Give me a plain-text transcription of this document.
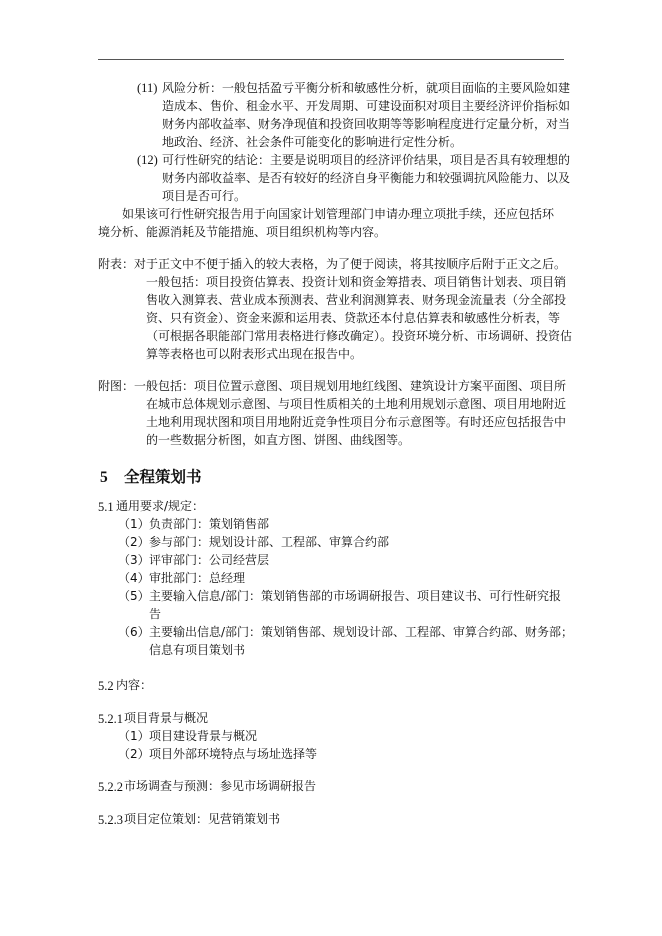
(11) 风险分析：一般包括盈亏平衡分析和敏感性分析，就项目面临的主要风险如建
造成本、售价、租金水平、开发周期、可建设面积对项目主要经济评价指标如
财务内部收益率、财务净现值和投资回收期等等影响程度进行定量分析，对当
地政治、经济、社会条件可能变化的影响进行定性分析。
(12) 可行性研究的结论：主要是说明项目的经济评价结果，项目是否具有较理想的
财务内部收益率、是否有较好的经济自身平衡能力和较强调抗风险能力、以及
项目是否可行。
如果该可行性研究报告用于向国家计划管理部门申请办理立项批手续，还应包括环
境分析、能源消耗及节能措施、项目组织机构等内容。
附表：对于正文中不便于插入的较大表格，为了便于阅读，将其按顺序后附于正文之后。
一般包括：项目投资估算表、投资计划和资金筹措表、项目销售计划表、项目销
售收入测算表、营业成本预测表、营业利润测算表、财务现金流量表（分全部投
资、只有资金）、资金来源和运用表、贷款还本付息估算表和敏感性分析表，等
（可根据各职能部门常用表格进行修改确定）。投资环境分析、市场调研、投资估
算等表格也可以附表形式出现在报告中。
附图：一般包括：项目位置示意图、项目规划用地红线图、建筑设计方案平面图、项目所
在城市总体规划示意图、与项目性质相关的土地利用规划示意图、项目用地附近
土地利用现状图和项目用地附近竞争性项目分布示意图等。有时还应包括报告中
的一些数据分析图，如直方图、饼图、曲线图等。
5 全程策划书
5.1 通用要求/规定：
（1） 负责部门：策划销售部
（2） 参与部门：规划设计部、工程部、审算合约部
（3） 评审部门：公司经营层
（4） 审批部门：总经理
（5） 主要输入信息/部门：策划销售部的市场调研报告、项目建议书、可行性研究报
告
（6） 主要输出信息/部门：策划销售部、规划设计部、工程部、审算合约部、财务部；
信息有项目策划书
5.2 内容：
5.2.1 项目背景与概况
（1） 项目建设背景与概况
（2） 项目外部环境特点与场址选择等
5.2.2 市场调查与预测：参见市场调研报告
5.2.3 项目定位策划：见营销策划书
